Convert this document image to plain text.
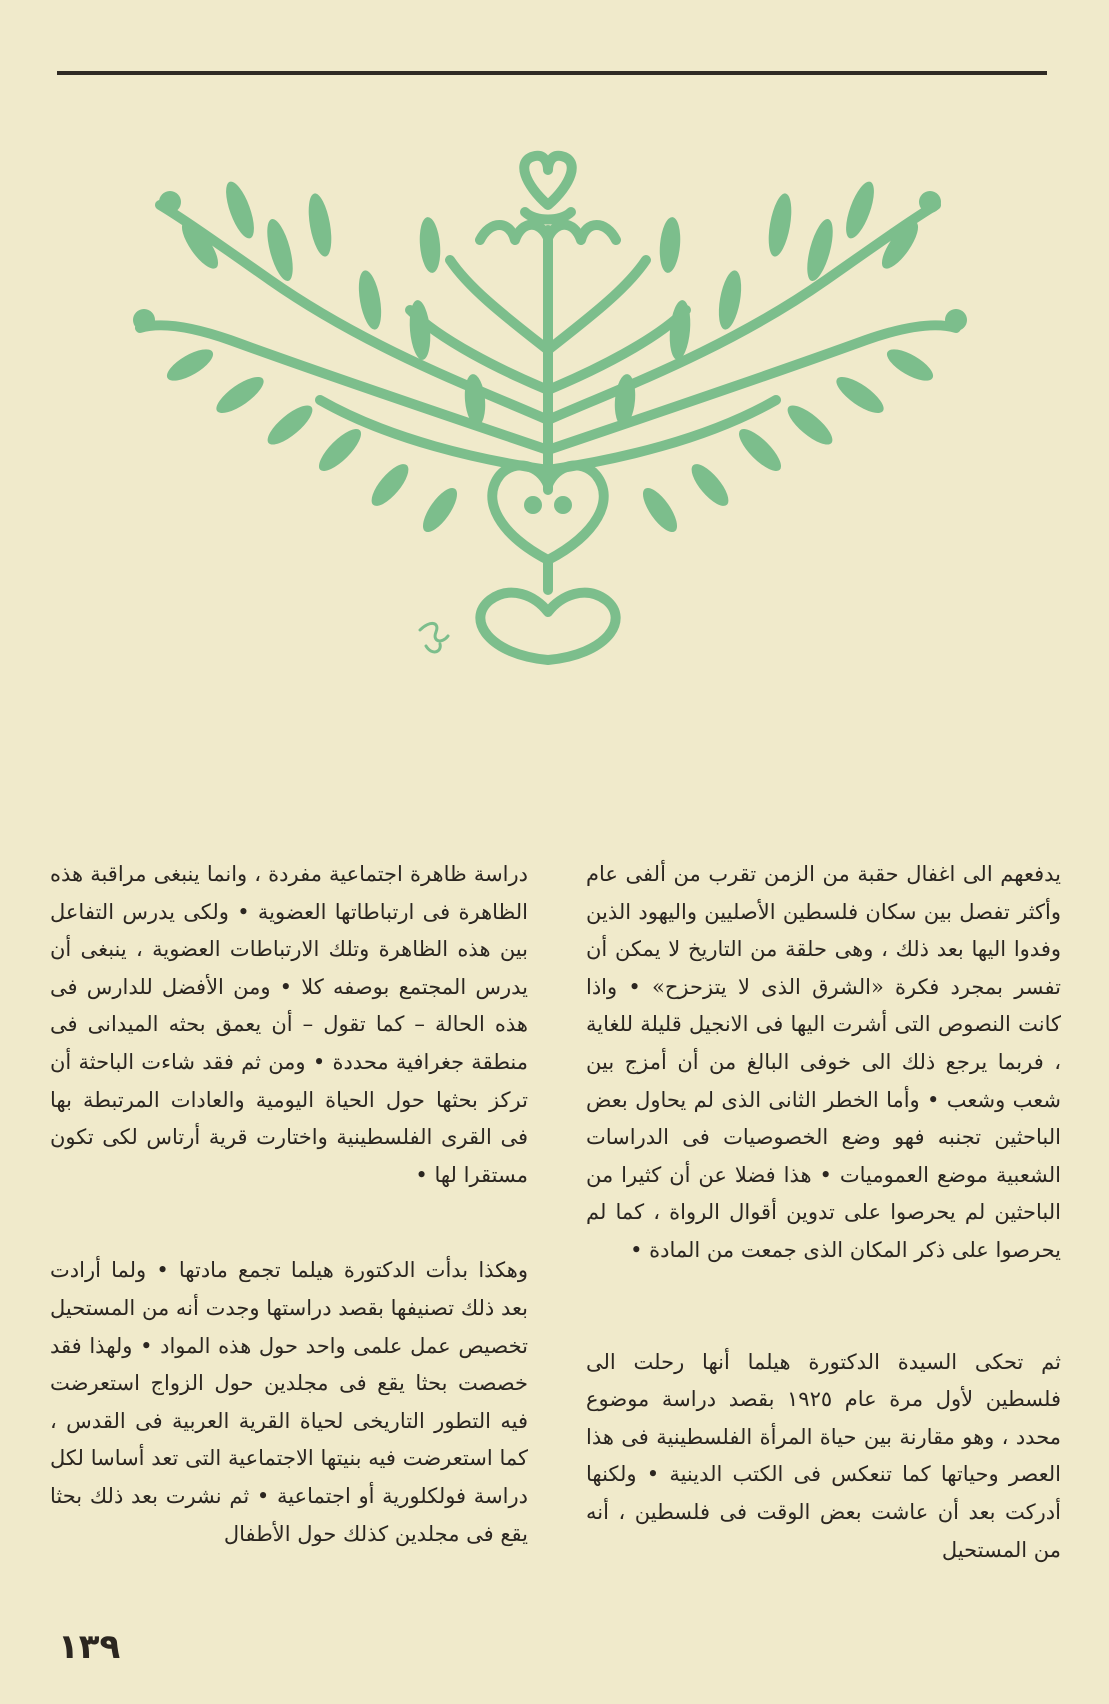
يدفعهم الى اغفال حقبة من الزمن تقرب من ألفى عام وأكثر تفصل بين سكان فلسطين الأصليين واليهود الذين وفدوا اليها بعد ذلك ، وهى حلقة من التاريخ لا يمكن أن تفسر بمجرد فكرة «الشرق الذى لا يتزحزح» • واذا كانت النصوص التى أشرت اليها فى الانجيل قليلة للغاية ، فربما يرجع ذلك الى خوفى البالغ من أن أمزج بين شعب وشعب • وأما الخطر الثانى الذى لم يحاول بعض الباحثين تجنبه فهو وضع الخصوصيات فى الدراسات الشعبية موضع العموميات • هذا فضلا عن أن كثيرا من الباحثين لم يحرصوا على تدوين أقوال الرواة ، كما لم يحرصوا على ذكر المكان الذى جمعت من المادة •

ثم تحكى السيدة الدكتورة هيلما أنها رحلت الى فلسطين لأول مرة عام ١٩٢٥ بقصد دراسة موضوع محدد ، وهو مقارنة بين حياة المرأة الفلسطينية فى هذا العصر وحياتها كما تنعكس فى الكتب الدينية • ولكنها أدركت بعد أن عاشت بعض الوقت فى فلسطين ، أنه من المستحيل

دراسة ظاهرة اجتماعية مفردة ، وانما ينبغى مراقبة هذه الظاهرة فى ارتباطاتها العضوية • ولكى يدرس التفاعل بين هذه الظاهرة وتلك الارتباطات العضوية ، ينبغى أن يدرس المجتمع بوصفه كلا • ومن الأفضل للدارس فى هذه الحالة – كما تقول – أن يعمق بحثه الميدانى فى منطقة جغرافية محددة • ومن ثم فقد شاءت الباحثة أن تركز بحثها حول الحياة اليومية والعادات المرتبطة بها فى القرى الفلسطينية واختارت قرية أرتاس لكى تكون مستقرا لها •

وهكذا بدأت الدكتورة هيلما تجمع مادتها • ولما أرادت بعد ذلك تصنيفها بقصد دراستها وجدت أنه من المستحيل تخصيص عمل علمى واحد حول هذه المواد • ولهذا فقد خصصت بحثا يقع فى مجلدين حول الزواج استعرضت فيه التطور التاريخى لحياة القرية العربية فى القدس ، كما استعرضت فيه بنيتها الاجتماعية التى تعد أساسا لكل دراسة فولكلورية أو اجتماعية • ثم نشرت بعد ذلك بحثا يقع فى مجلدين كذلك حول الأطفال

١٣٩
